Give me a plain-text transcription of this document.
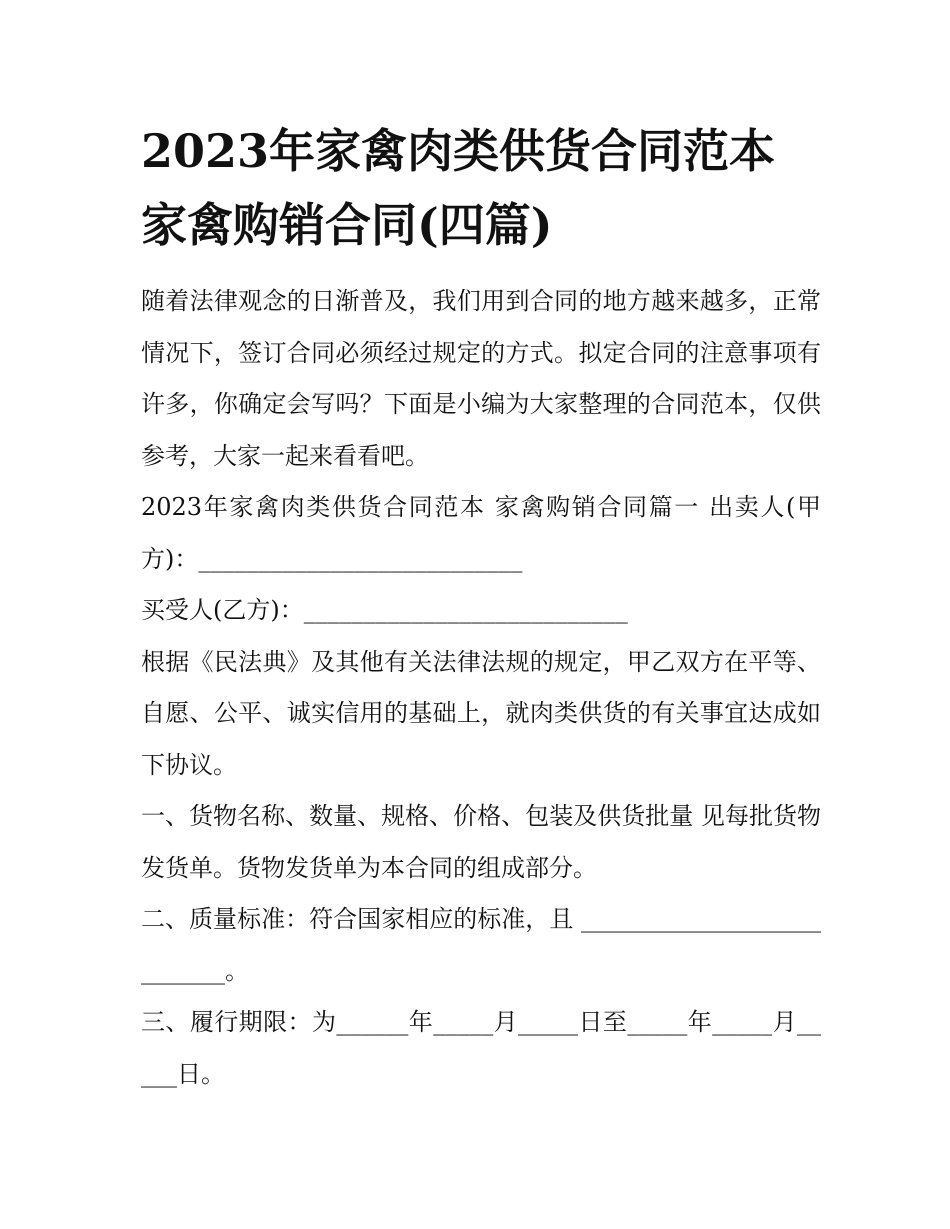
2023年家禽肉类供货合同范本 家禽购销合同(四篇)

随着法律观念的日渐普及，我们用到合同的地方越来越多，正常情况下，签订合同必须经过规定的方式。拟定合同的注意事项有许多，你确定会写吗？下面是小编为大家整理的合同范本，仅供参考，大家一起来看看吧。

2023年家禽肉类供货合同范本 家禽购销合同篇一 出卖人(甲方)：___________________________

买受人(乙方)：___________________________

根据《民法典》及其他有关法律法规的规定，甲乙双方在平等、自愿、公平、诚实信用的基础上，就肉类供货的有关事宜达成如下协议。

一、货物名称、数量、规格、价格、包装及供货批量 见每批货物发货单。货物发货单为本合同的组成部分。

二、质量标准：符合国家相应的标准，且 ___________________________。

三、履行期限：为______年_____月_____日至_____年_____月_____日。
